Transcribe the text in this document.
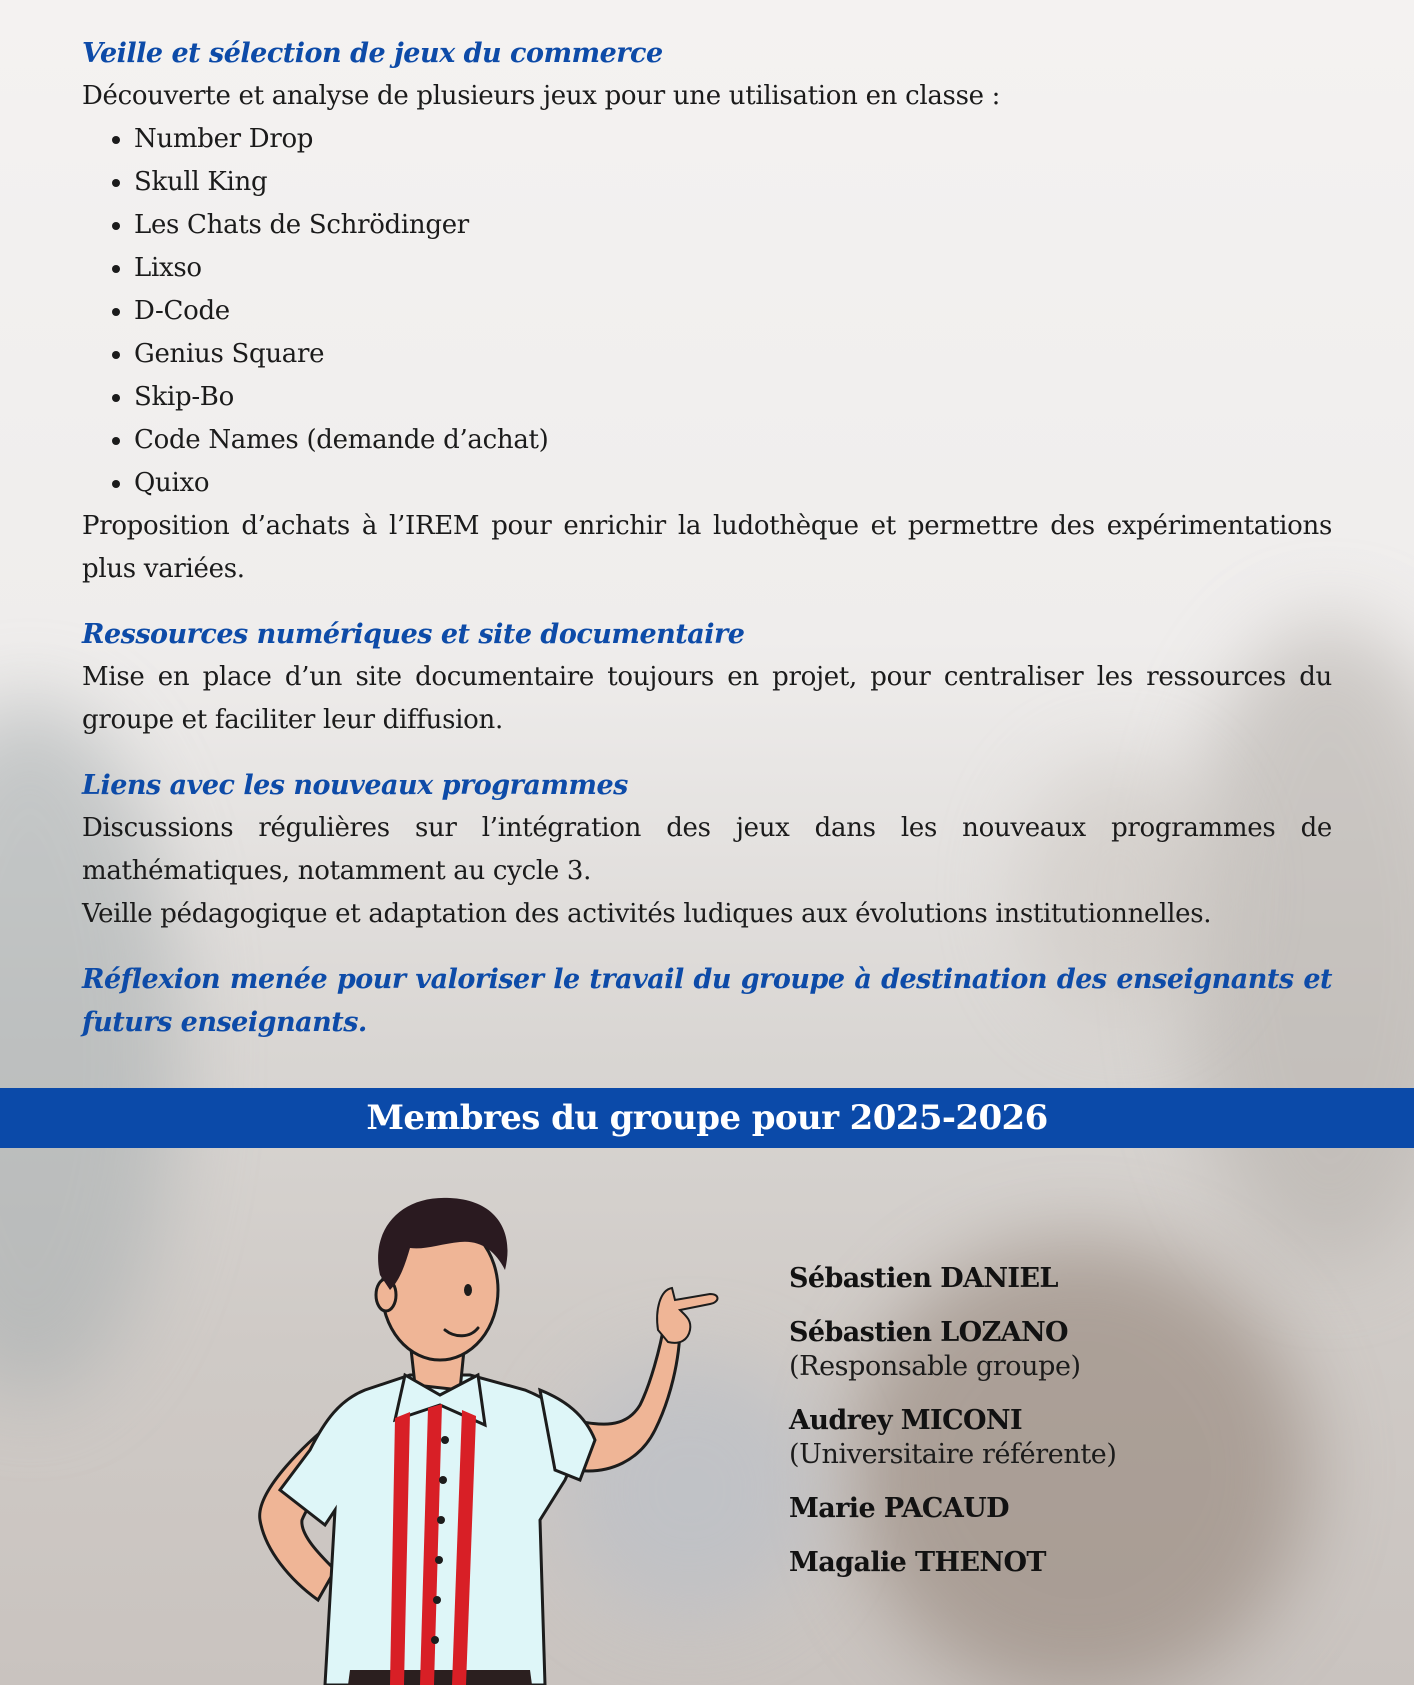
Veille et sélection de jeux du commerce

Découverte et analyse de plusieurs jeux pour une utilisation en classe :

• Number Drop
• Skull King
• Les Chats de Schrödinger
• Lixso
• D-Code
• Genius Square
• Skip-Bo
• Code Names (demande d’achat)
• Quixo

Proposition d’achats à l’IREM pour enrichir la ludothèque et permettre des expérimentations plus variées.

Ressources numériques et site documentaire

Mise en place d’un site documentaire toujours en projet, pour centraliser les ressources du groupe et faciliter leur diffusion.

Liens avec les nouveaux programmes

Discussions régulières sur l’intégration des jeux dans les nouveaux programmes de mathématiques, notamment au cycle 3.

Veille pédagogique et adaptation des activités ludiques aux évolutions institutionnelles.

Réflexion menée pour valoriser le travail du groupe à destination des enseignants et futurs enseignants.
Membres du groupe pour 2025-2026
Sébastien DANIEL
Sébastien LOZANO
(Responsable groupe)
Audrey MICONI
(Universitaire référente)
Marie PACAUD
Magalie THENOT
